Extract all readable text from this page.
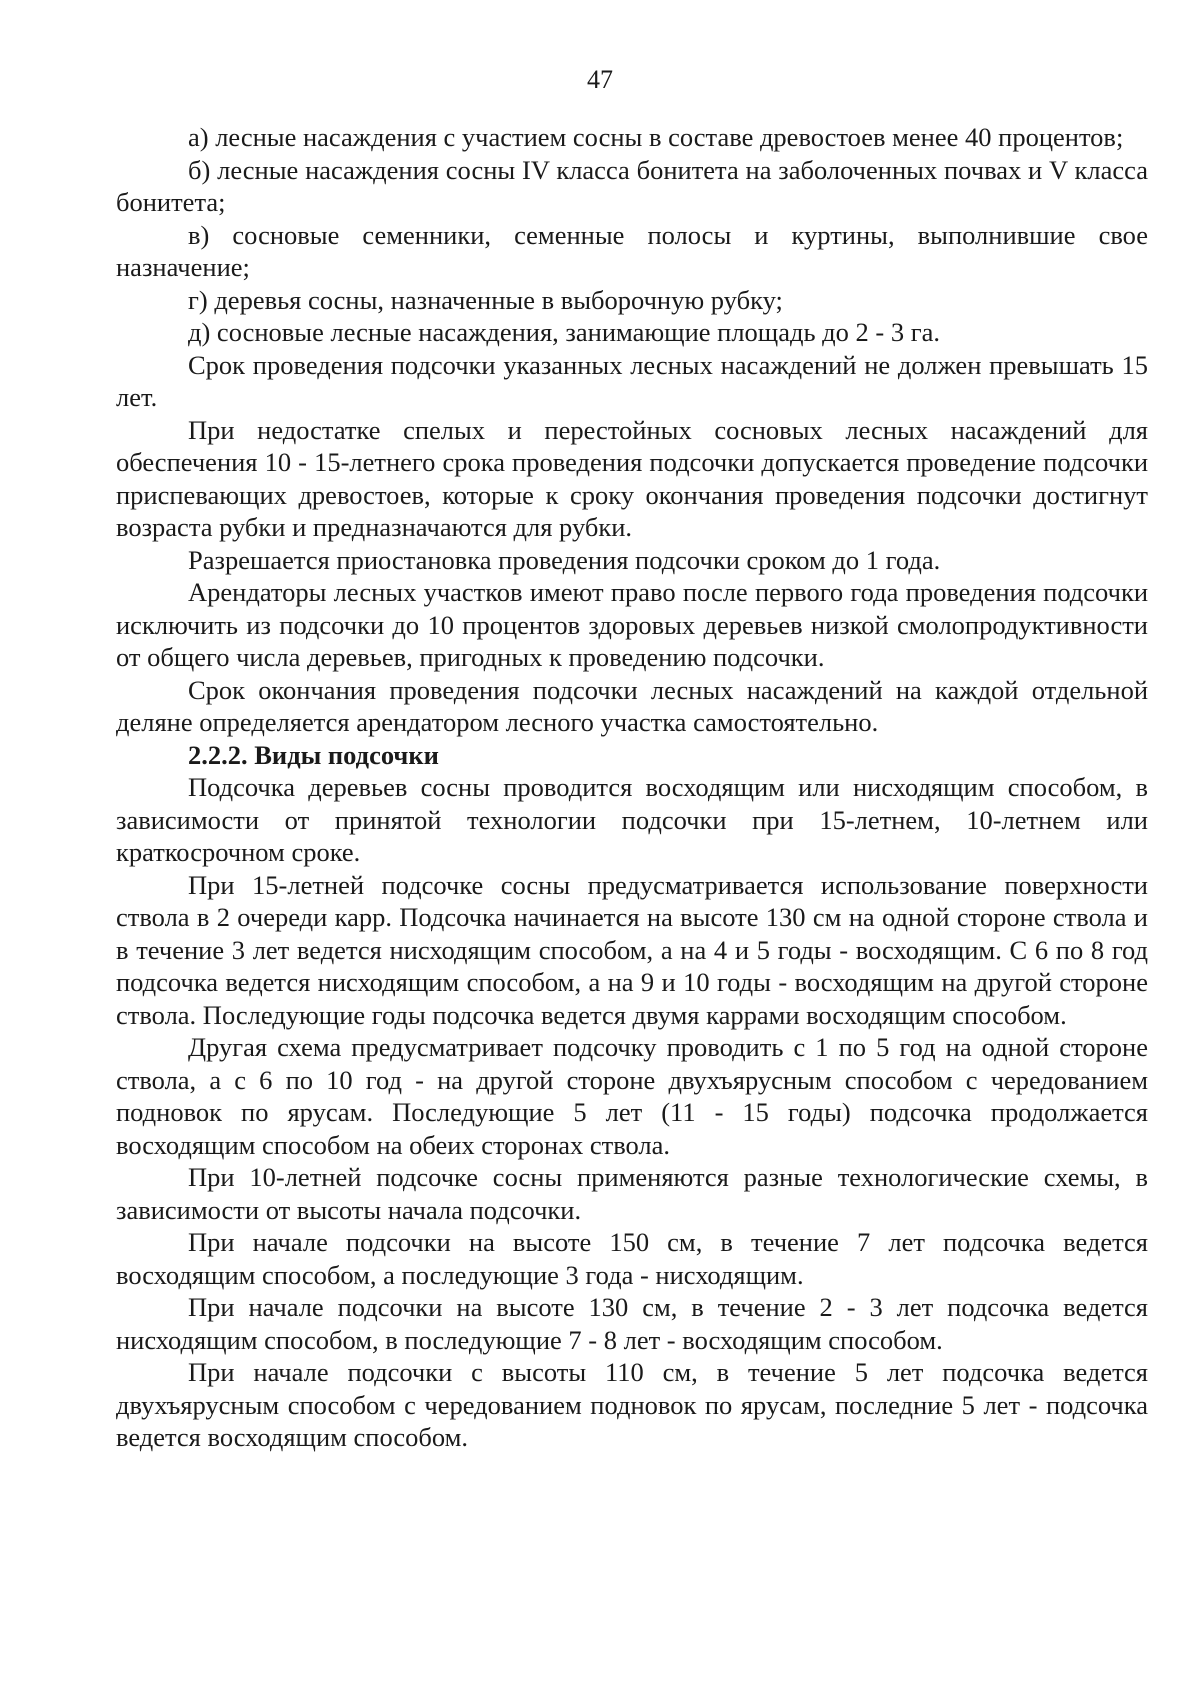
47

а) лесные насаждения с участием сосны в составе древостоев менее 40 процентов;

б) лесные насаждения сосны IV класса бонитета на заболоченных почвах и V класса бонитета;

в) сосновые семенники, семенные полосы и куртины, выполнившие свое назначение;

г) деревья сосны, назначенные в выборочную рубку;

д) сосновые лесные насаждения, занимающие площадь до 2 - 3 га.

Срок проведения подсочки указанных лесных насаждений не должен превышать 15 лет.

При недостатке спелых и перестойных сосновых лесных насаждений для обеспечения 10 - 15-летнего срока проведения подсочки допускается проведение подсочки приспевающих древостоев, которые к сроку окончания проведения подсочки достигнут возраста рубки и предназначаются для рубки.

Разрешается приостановка проведения подсочки сроком до 1 года.

Арендаторы лесных участков имеют право после первого года проведения подсочки исключить из подсочки до 10 процентов здоровых деревьев низкой смолопродуктивности от общего числа деревьев, пригодных к проведению подсочки.

Срок окончания проведения подсочки лесных насаждений на каждой отдельной деляне определяется арендатором лесного участка самостоятельно.

2.2.2. Виды подсочки

Подсочка деревьев сосны проводится восходящим или нисходящим способом, в зависимости от принятой технологии подсочки при 15-летнем, 10-летнем или краткосрочном сроке.

При 15-летней подсочке сосны предусматривается использование поверхности ствола в 2 очереди карр. Подсочка начинается на высоте 130 см на одной стороне ствола и в течение 3 лет ведется нисходящим способом, а на 4 и 5 годы - восходящим. С 6 по 8 год подсочка ведется нисходящим способом, а на 9 и 10 годы - восходящим на другой стороне ствола. Последующие годы подсочка ведется двумя каррами восходящим способом.

Другая схема предусматривает подсочку проводить с 1 по 5 год на одной стороне ствола, а с 6 по 10 год - на другой стороне двухъярусным способом с чередованием подновок по ярусам. Последующие 5 лет (11 - 15 годы) подсочка продолжается восходящим способом на обеих сторонах ствола.

При 10-летней подсочке сосны применяются разные технологические схемы, в зависимости от высоты начала подсочки.

При начале подсочки на высоте 150 см, в течение 7 лет подсочка ведется восходящим способом, а последующие 3 года - нисходящим.

При начале подсочки на высоте 130 см, в течение 2 - 3 лет подсочка ведется нисходящим способом, в последующие 7 - 8 лет - восходящим способом.

При начале подсочки с высоты 110 см, в течение 5 лет подсочка ведется двухъярусным способом с чередованием подновок по ярусам, последние 5 лет - подсочка ведется восходящим способом.
